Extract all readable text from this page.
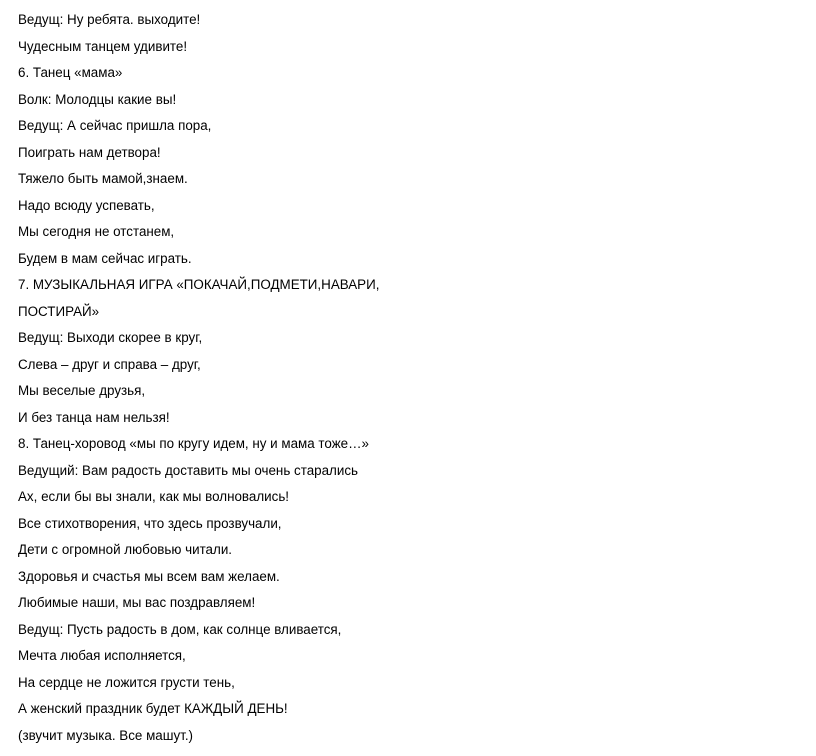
Ведущ: Ну ребята. выходите!
Чудесным танцем удивите!
6. Танец «мама»
Волк: Молодцы какие вы!
Ведущ: А сейчас пришла пора,
Поиграть нам детвора!
Тяжело быть мамой,знаем.
Надо всюду успевать,
Мы сегодня не отстанем,
Будем в мам сейчас играть.
7. МУЗЫКАЛЬНАЯ ИГРА «ПОКАЧАЙ,ПОДМЕТИ,НАВАРИ,
ПОСТИРАЙ»
Ведущ: Выходи скорее в круг,
Слева – друг и справа – друг,
Мы веселые друзья,
И без танца нам нельзя!
8. Танец-хоровод «мы по кругу идем, ну и мама тоже…»
Ведущий: Вам радость доставить мы очень старались
Ах, если бы вы знали, как мы волновались!
Все стихотворения, что здесь прозвучали,
Дети с огромной любовью читали.
Здоровья и счастья мы всем вам желаем.
Любимые наши, мы вас поздравляем!
Ведущ: Пусть радость в дом, как солнце вливается,
Мечта любая исполняется,
На сердце не ложится грусти тень,
А женский праздник будет КАЖДЫЙ ДЕНЬ!
(звучит музыка. Все машут.)
